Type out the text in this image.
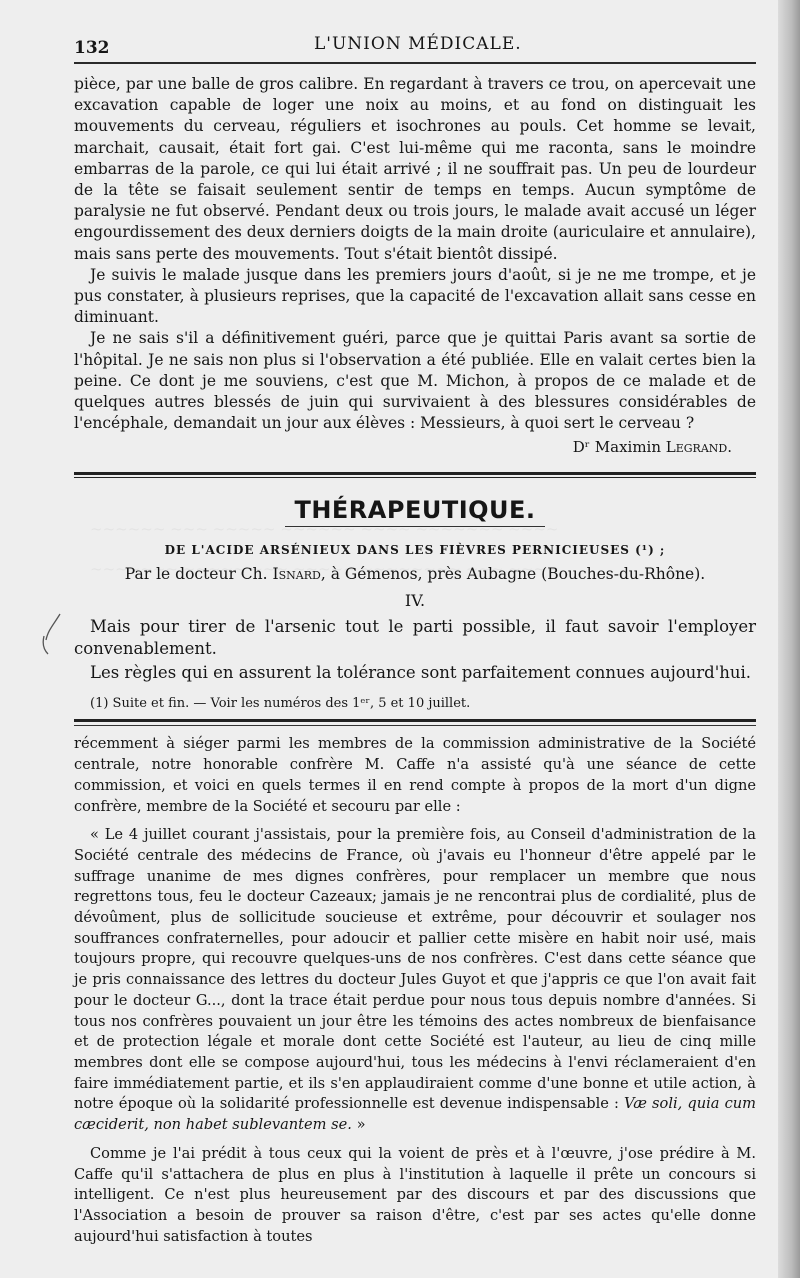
132	L'UNION MÉDICALE.

pièce, par une balle de gros calibre. En regardant à travers ce trou, on apercevait une excavation capable de loger une noix au moins, et au fond on distinguait les mouvements du cerveau, réguliers et isochrones au pouls. Cet homme se levait, marchait, causait, était fort gai. C'est lui-même qui me raconta, sans le moindre embarras de la parole, ce qui lui était arrivé ; il ne souffrait pas. Un peu de lourdeur de la tête se faisait seulement sentir de temps en temps. Aucun symptôme de paralysie ne fut observé. Pendant deux ou trois jours, le malade avait accusé un léger engourdissement des deux derniers doigts de la main droite (auriculaire et annulaire), mais sans perte des mouvements. Tout s'était bientôt dissipé.

Je suivis le malade jusque dans les premiers jours d'août, si je ne me trompe, et je pus constater, à plusieurs reprises, que la capacité de l'excavation allait sans cesse en diminuant.

Je ne sais s'il a définitivement guéri, parce que je quittai Paris avant sa sortie de l'hôpital. Je ne sais non plus si l'observation a été publiée. Elle en valait certes bien la peine. Ce dont je me souviens, c'est que M. Michon, à propos de ce malade et de quelques autres blessés de juin qui survivaient à des blessures considérables de l'encéphale, demandait un jour aux élèves : Messieurs, à quoi sert le cerveau ?

Dʳ Maximin Legrand.
THÉRAPEUTIQUE.
DE L'ACIDE ARSÉNIEUX DANS LES FIÈVRES PERNICIEUSES (¹) ;
Par le docteur Ch. Isnard, à Gémenos, près Aubagne (Bouches-du-Rhône).
IV.

Mais pour tirer de l'arsenic tout le parti possible, il faut savoir l'employer convenablement.

Les règles qui en assurent la tolérance sont parfaitement connues aujourd'hui.

(1) Suite et fin. — Voir les numéros des 1ᵉʳ, 5 et 10 juillet.

récemment à siéger parmi les membres de la commission administrative de la Société centrale, notre honorable confrère M. Caffe n'a assisté qu'à une séance de cette commission, et voici en quels termes il en rend compte à propos de la mort d'un digne confrère, membre de la Société et secouru par elle :

« Le 4 juillet courant j'assistais, pour la première fois, au Conseil d'administration de la Société centrale des médecins de France, où j'avais eu l'honneur d'être appelé par le suffrage unanime de mes dignes confrères, pour remplacer un membre que nous regrettons tous, feu le docteur Cazeaux; jamais je ne rencontrai plus de cordialité, plus de dévoûment, plus de sollicitude soucieuse et extrême, pour découvrir et soulager nos souffrances confraternelles, pour adoucir et pallier cette misère en habit noir usé, mais toujours propre, qui recouvre quelques-uns de nos confrères. C'est dans cette séance que je pris connaissance des lettres du docteur Jules Guyot et que j'appris ce que l'on avait fait pour le docteur G..., dont la trace était perdue pour nous tous depuis nombre d'années. Si tous nos confrères pouvaient un jour être les témoins des actes nombreux de bienfaisance et de protection légale et morale dont cette Société est l'auteur, au lieu de cinq mille membres dont elle se compose aujourd'hui, tous les médecins à l'envi réclameraient d'en faire immédiatement partie, et ils s'en applaudiraient comme d'une bonne et utile action, à notre époque où la solidarité professionnelle est devenue indispensable : Væ soli, quia cum cæciderit, non habet sublevantem se. »

Comme je l'ai prédit à tous ceux qui la voient de près et à l'œuvre, j'ose prédire à M. Caffe qu'il s'attachera de plus en plus à l'institution à laquelle il prête un concours si intelligent. Ce n'est plus heureusement par des discours et par des discussions que l'Association a besoin de prouver sa raison d'être, c'est par ses actes qu'elle donne aujourd'hui satisfaction à toutes
